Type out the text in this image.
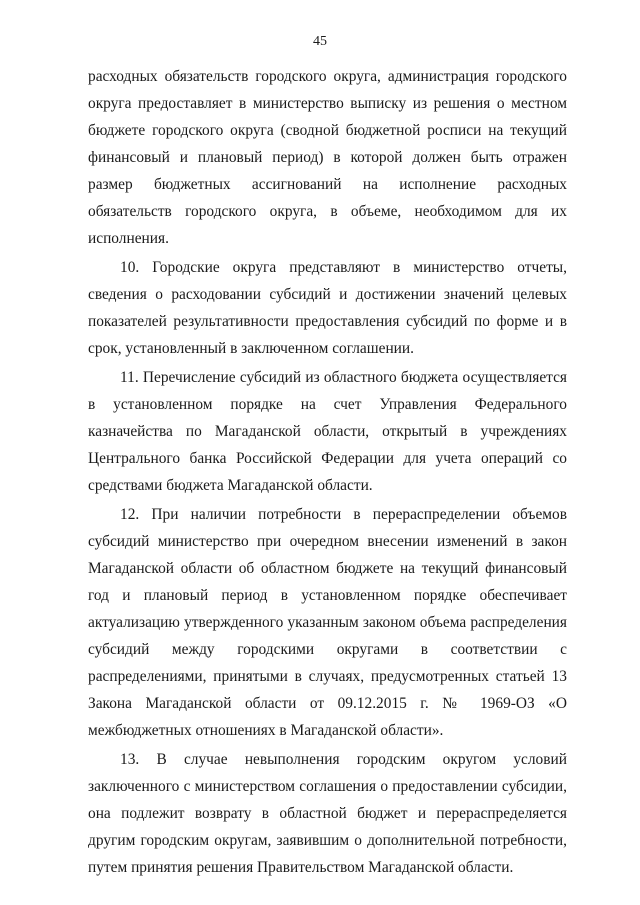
45

расходных обязательств городского округа, администрация городского округа предоставляет в министерство выписку из решения о местном бюджете городского округа (сводной бюджетной росписи на текущий финансовый и плановый период) в которой должен быть отражен размер бюджетных ассигнований на исполнение расходных обязательств городского округа, в объеме, необходимом для их исполнения.

10. Городские округа представляют в министерство отчеты, сведения о расходовании субсидий и достижении значений целевых показателей результативности предоставления субсидий по форме и в срок, установленный в заключенном соглашении.

11. Перечисление субсидий из областного бюджета осуществляется в установленном порядке на счет Управления Федерального казначейства по Магаданской области, открытый в учреждениях Центрального банка Российской Федерации для учета операций со средствами бюджета Магаданской области.

12. При наличии потребности в перераспределении объемов субсидий министерство при очередном внесении изменений в закон Магаданской области об областном бюджете на текущий финансовый год и плановый период в установленном порядке обеспечивает актуализацию утвержденного указанным законом объема распределения субсидий между городскими округами в соответствии с распределениями, принятыми в случаях, предусмотренных статьей 13 Закона Магаданской области от 09.12.2015 г. № 1969-ОЗ «О межбюджетных отношениях в Магаданской области».

13. В случае невыполнения городским округом условий заключенного с министерством соглашения о предоставлении субсидии, она подлежит возврату в областной бюджет и перераспределяется другим городским округам, заявившим о дополнительной потребности, путем принятия решения Правительством Магаданской области.
